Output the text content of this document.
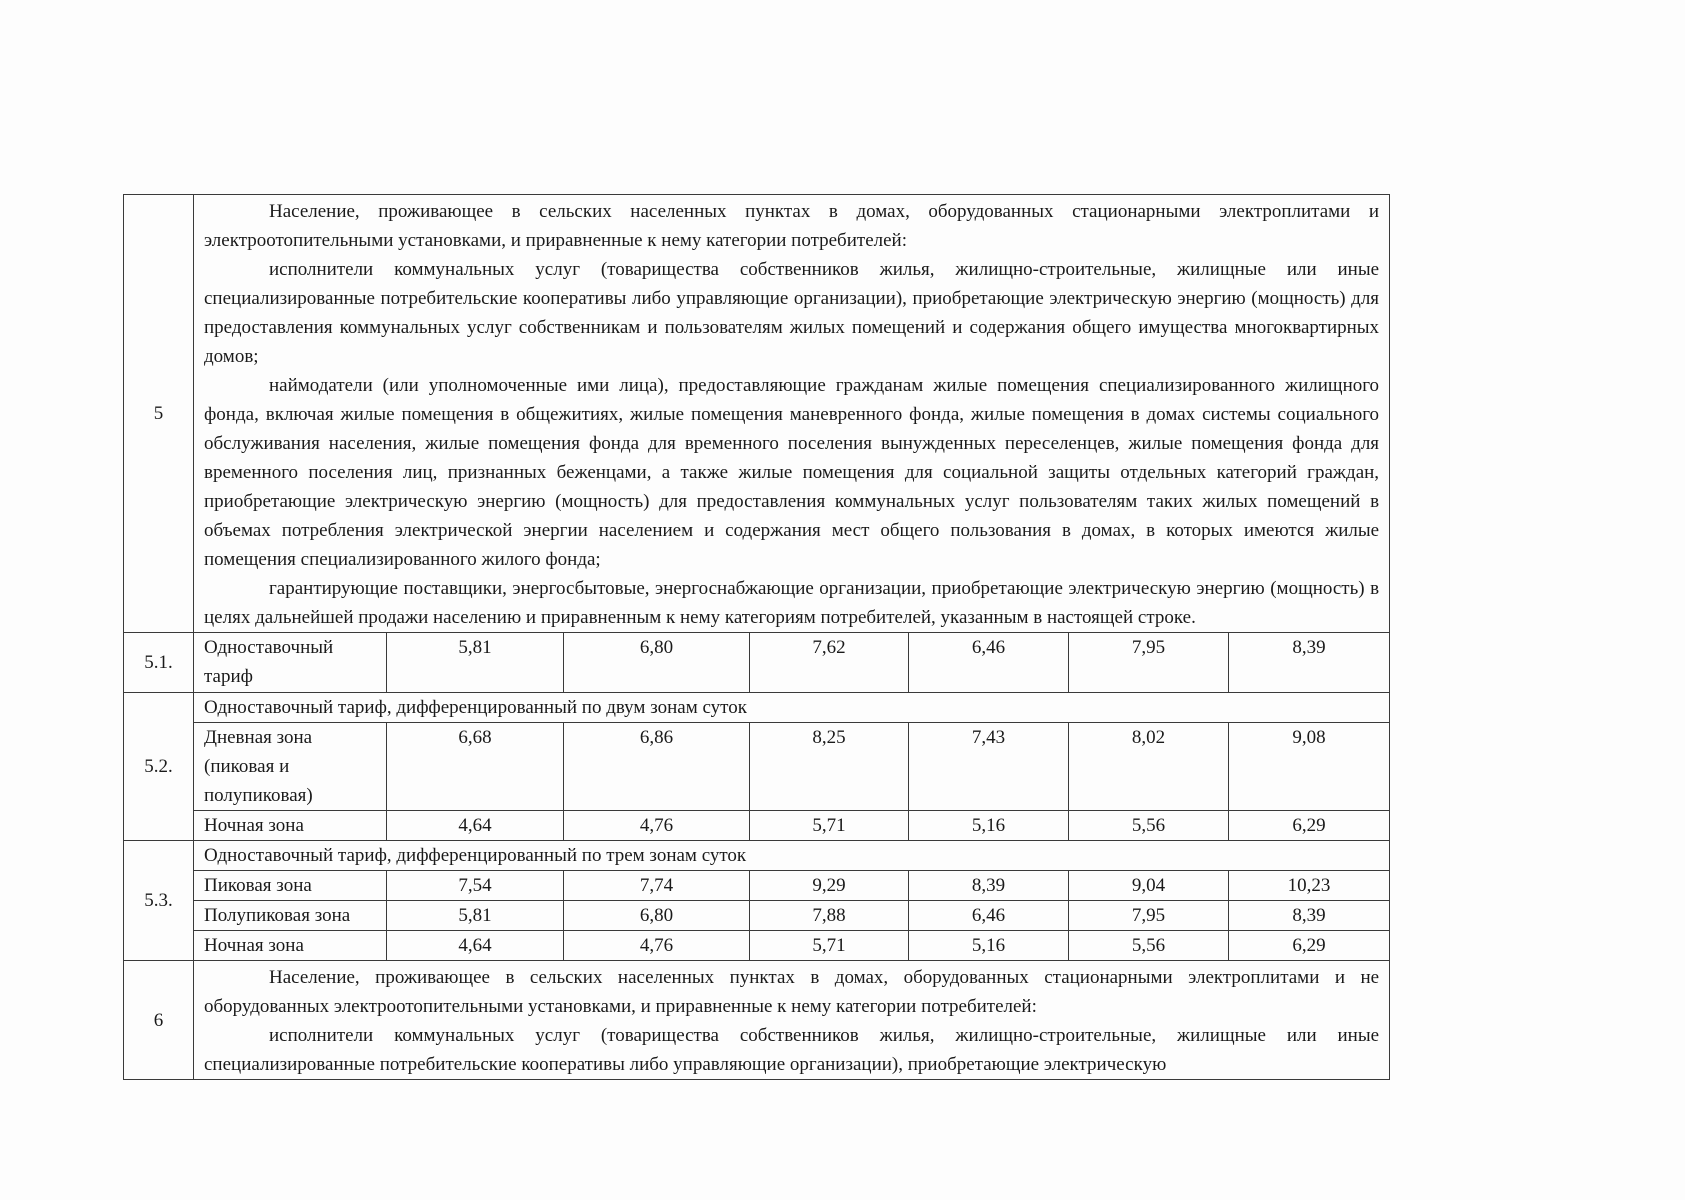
5	Население, проживающее в сельских населенных пунктах в домах, оборудованных стационарными электроплитами и электроотопительными установками, и приравненные к нему категории потребителей:

исполнители коммунальных услуг (товарищества собственников жилья, жилищно-строительные, жилищные или иные специализированные потребительские кооперативы либо управляющие организации), приобретающие электрическую энергию (мощность) для предоставления коммунальных услуг собственникам и пользователям жилых помещений и содержания общего имущества многоквартирных домов;

наймодатели (или уполномоченные ими лица), предоставляющие гражданам жилые помещения специализированного жилищного фонда, включая жилые помещения в общежитиях, жилые помещения маневренного фонда, жилые помещения в домах системы социального обслуживания населения, жилые помещения фонда для временного поселения вынужденных переселенцев, жилые помещения фонда для временного поселения лиц, признанных беженцами, а также жилые помещения для социальной защиты отдельных категорий граждан, приобретающие электрическую энергию (мощность) для предоставления коммунальных услуг пользователям таких жилых помещений в объемах потребления электрической энергии населением и содержания мест общего пользования в домах, в которых имеются жилые помещения специализированного жилого фонда;

гарантирующие поставщики, энергосбытовые, энергоснабжающие организации, приобретающие электрическую энергию (мощность) в целях дальнейшей продажи населению и приравненным к нему категориям потребителей, указанным в настоящей строке.						

5.1.	Одноставочный тариф	5,81	6,80	7,62	6,46	7,95	8,39
5.2.	Одноставочный тариф, дифференцированный по двум зонам суток						
	Дневная зона (пиковая и полупиковая)	6,68	6,86	8,25	7,43	8,02	9,08
	Ночная зона	4,64	4,76	5,71	5,16	5,56	6,29
5.3.	Одноставочный тариф, дифференцированный по трем зонам суток						
	Пиковая зона	7,54	7,74	9,29	8,39	9,04	10,23
	Полупиковая зона	5,81	6,80	7,88	6,46	7,95	8,39
	Ночная зона	4,64	4,76	5,71	5,16	5,56	6,29
6	Население, проживающее в сельских населенных пунктах в домах, оборудованных стационарными электроплитами и не оборудованных электроотопительными установками, и приравненные к нему категории потребителей:

исполнители коммунальных услуг (товарищества собственников жилья, жилищно-строительные, жилищные или иные специализированные потребительские кооперативы либо управляющие организации), приобретающие электрическую						
